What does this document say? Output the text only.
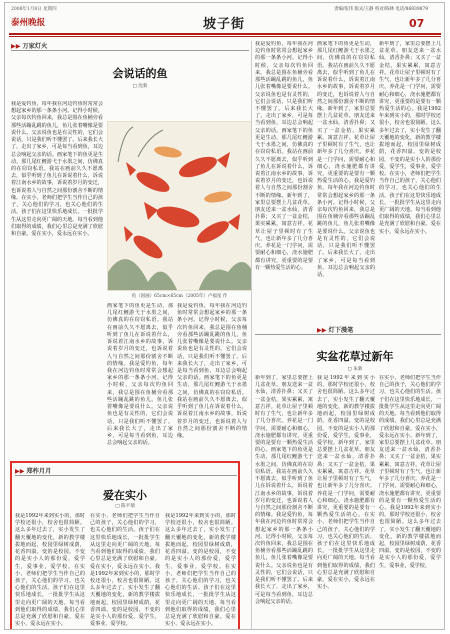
2008年1月8日 星期四
泰州晚报	坡子街
责编/张伟 版式/王静 校对/陈林 电话/86839879
07
▶▶ 万家灯火
会说话的鱼
□ 沈新
我是爱钓鱼，每年我在河边钓鱼时常常会想起家乡的那一条条小河。记得小时候，父亲每次钓鱼回来，我总是围在鱼桶旁看那些活蹦乱跳的鱼儿，鱼儿张着嘴像是要说什么。父亲说鱼也是有灵性的，它们会说话，只是我们听不懂罢了。后来我长大了，走出了家乡，可是每当看到鱼，耳边总会响起父亲的话。画家笔下的鱼更是生动，那几尾红鲤游弋于水墨之间，仿佛真的在窃窃私语。我站在画前久久不愿离去，似乎听到了鱼儿在诉说着什么，诉说着江南水乡的故事，诉说着岁月的变迁，也诉说着人与自然之间那份割舍不断的情缘。在实小，老师们把学生当作自己的孩子，关心他们的学习，也关心他们的生活。孩子们在这里快乐地成长，一批批学生从这里走向更广阔的天地。每当看到他们取得的成绩，我们心里总是充满了欣慰和自豪。爱在实小，爱永远在实小。
鱼（国画）65cm×65cm（2005年）卢福星 作
画家笔下的鱼更是生动，那几尾红鲤游弋于水墨之间，仿佛真的在窃窃私语。我站在画前久久不愿离去，似乎听到了鱼儿在诉说着什么，诉说着江南水乡的故事，诉说着岁月的变迁，也诉说着人与自然之间那份割舍不断的情缘。我是爱钓鱼，每年我在河边钓鱼时常常会想起家乡的那一条条小河。记得小时候，父亲每次钓鱼回来，我总是围在鱼桶旁看那些活蹦乱跳的鱼儿，鱼儿张着嘴像是要说什么。父亲说鱼也是有灵性的，它们会说话，只是我们听不懂罢了。后来我长大了，走出了家乡，可是每当看到鱼，耳边总会响起父亲的话。
我是爱钓鱼，每年我在河边钓鱼时常常会想起家乡的那一条条小河。记得小时候，父亲每次钓鱼回来，我总是围在鱼桶旁看那些活蹦乱跳的鱼儿，鱼儿张着嘴像是要说什么。父亲说鱼也是有灵性的，它们会说话，只是我们听不懂罢了。后来我长大了，走出了家乡，可是每当看到鱼，耳边总会响起父亲的话。画家笔下的鱼更是生动，那几尾红鲤游弋于水墨之间，仿佛真的在窃窃私语。我站在画前久久不愿离去，似乎听到了鱼儿在诉说着什么，诉说着江南水乡的故事，诉说着岁月的变迁，也诉说着人与自然之间那份割舍不断的情缘。
我是爱钓鱼，每年我在河边钓鱼时常常会想起家乡的那一条条小河。记得小时候，父亲每次钓鱼回来，我总是围在鱼桶旁看那些活蹦乱跳的鱼儿，鱼儿张着嘴像是要说什么。父亲说鱼也是有灵性的，它们会说话，只是我们听不懂罢了。后来我长大了，走出了家乡，可是每当看到鱼，耳边总会响起父亲的话。画家笔下的鱼更是生动，那几尾红鲤游弋于水墨之间，仿佛真的在窃窃私语。我站在画前久久不愿离去，似乎听到了鱼儿在诉说着什么，诉说着江南水乡的故事，诉说着岁月的变迁，也诉说着人与自然之间那份割舍不断的情缘。新年到了，家里总要摆上几盆花草。朋友送来一盆水仙，清香扑鼻；又买了一盆金桔，果实累累，寓意吉祥。花草让屋子里顿时有了生气，也让新年多了几分喜庆。养花是一门学问，需要耐心和细心，浇水施肥都有讲究，更重要的是要有一颗热爱生活的心。
画家笔下的鱼更是生动，那几尾红鲤游弋于水墨之间，仿佛真的在窃窃私语。我站在画前久久不愿离去，似乎听到了鱼儿在诉说着什么，诉说着江南水乡的故事，诉说着岁月的变迁，也诉说着人与自然之间那份割舍不断的情缘。新年到了，家里总要摆上几盆花草。朋友送来一盆水仙，清香扑鼻；又买了一盆金桔，果实累累，寓意吉祥。花草让屋子里顿时有了生气，也让新年多了几分喜庆。养花是一门学问，需要耐心和细心，浇水施肥都有讲究，更重要的是要有一颗热爱生活的心。我是爱钓鱼，每年我在河边钓鱼时常常会想起家乡的那一条条小河。记得小时候，父亲每次钓鱼回来，我总是围在鱼桶旁看那些活蹦乱跳的鱼儿，鱼儿张着嘴像是要说什么。父亲说鱼也是有灵性的，它们会说话，只是我们听不懂罢了。后来我长大了，走出了家乡，可是每当看到鱼，耳边总会响起父亲的话。
新年到了，家里总要摆上几盆花草。朋友送来一盆水仙，清香扑鼻；又买了一盆金桔，果实累累，寓意吉祥。花草让屋子里顿时有了生气，也让新年多了几分喜庆。养花是一门学问，需要耐心和细心，浇水施肥都有讲究，更重要的是要有一颗热爱生活的心。我是1992年来到实小的，那时学校还很小，校舍也很简陋。这么多年过去了，实小发生了翻天覆地的变化，新的教学楼拔地而起，校园里绿树成荫，花香四溢。变的是校园，不变的是实小人的那份爱，爱学生，爱事业，爱学校。在实小，老师们把学生当作自己的孩子，关心他们的学习，也关心他们的生活。孩子们在这里快乐地成长，一批批学生从这里走向更广阔的天地。每当看到他们取得的成绩，我们心里总是充满了欣慰和自豪。爱在实小，爱永远在实小。
▶▶ 灯下漫笔
实盆花草过新年
□ 朱新
新年到了，家里总要摆上几盆花草。朋友送来一盆水仙，清香扑鼻；又买了一盆金桔，果实累累，寓意吉祥。花草让屋子里顿时有了生气，也让新年多了几分喜庆。养花是一门学问，需要耐心和细心，浇水施肥都有讲究，更重要的是要有一颗热爱生活的心。画家笔下的鱼更是生动，那几尾红鲤游弋于水墨之间，仿佛真的在窃窃私语。我站在画前久久不愿离去，似乎听到了鱼儿在诉说着什么，诉说着江南水乡的故事，诉说着岁月的变迁，也诉说着人与自然之间那份割舍不断的情缘。我是爱钓鱼，每年我在河边钓鱼时常常会想起家乡的那一条条小河。记得小时候，父亲每次钓鱼回来，我总是围在鱼桶旁看那些活蹦乱跳的鱼儿，鱼儿张着嘴像是要说什么。父亲说鱼也是有灵性的，它们会说话，只是我们听不懂罢了。后来我长大了，走出了家乡，可是每当看到鱼，耳边总会响起父亲的话。
我是1992年来到实小的，那时学校还很小，校舍也很简陋。这么多年过去了，实小发生了翻天覆地的变化，新的教学楼拔地而起，校园里绿树成荫，花香四溢。变的是校园，不变的是实小人的那份爱，爱学生，爱事业，爱学校。新年到了，家里总要摆上几盆花草。朋友送来一盆水仙，清香扑鼻；又买了一盆金桔，果实累累，寓意吉祥。花草让屋子里顿时有了生气，也让新年多了几分喜庆。养花是一门学问，需要耐心和细心，浇水施肥都有讲究，更重要的是要有一颗热爱生活的心。在实小，老师们把学生当作自己的孩子，关心他们的学习，也关心他们的生活。孩子们在这里快乐地成长，一批批学生从这里走向更广阔的天地。每当看到他们取得的成绩，我们心里总是充满了欣慰和自豪。爱在实小，爱永远在实小。
在实小，老师们把学生当作自己的孩子，关心他们的学习，也关心他们的生活。孩子们在这里快乐地成长，一批批学生从这里走向更广阔的天地。每当看到他们取得的成绩，我们心里总是充满了欣慰和自豪。爱在实小，爱永远在实小。新年到了，家里总要摆上几盆花草。朋友送来一盆水仙，清香扑鼻；又买了一盆金桔，果实累累，寓意吉祥。花草让屋子里顿时有了生气，也让新年多了几分喜庆。养花是一门学问，需要耐心和细心，浇水施肥都有讲究，更重要的是要有一颗热爱生活的心。我是1992年来到实小的，那时学校还很小，校舍也很简陋。这么多年过去了，实小发生了翻天覆地的变化，新的教学楼拔地而起，校园里绿树成荫，花香四溢。变的是校园，不变的是实小人的那份爱，爱学生，爱事业，爱学校。
▶▶ 郑柞月月
爱在实小
□ 陈平瑞
我是1992年来到实小的，那时学校还很小，校舍也很简陋。这么多年过去了，实小发生了翻天覆地的变化，新的教学楼拔地而起，校园里绿树成荫，花香四溢。变的是校园，不变的是实小人的那份爱，爱学生，爱事业，爱学校。在实小，老师们把学生当作自己的孩子，关心他们的学习，也关心他们的生活。孩子们在这里快乐地成长，一批批学生从这里走向更广阔的天地。每当看到他们取得的成绩，我们心里总是充满了欣慰和自豪。爱在实小，爱永远在实小。
在实小，老师们把学生当作自己的孩子，关心他们的学习，也关心他们的生活。孩子们在这里快乐地成长，一批批学生从这里走向更广阔的天地。每当看到他们取得的成绩，我们心里总是充满了欣慰和自豪。爱在实小，爱永远在实小。我是1992年来到实小的，那时学校还很小，校舍也很简陋。这么多年过去了，实小发生了翻天覆地的变化，新的教学楼拔地而起，校园里绿树成荫，花香四溢。变的是校园，不变的是实小人的那份爱，爱学生，爱事业，爱学校。
我是1992年来到实小的，那时学校还很小，校舍也很简陋。这么多年过去了，实小发生了翻天覆地的变化，新的教学楼拔地而起，校园里绿树成荫，花香四溢。变的是校园，不变的是实小人的那份爱，爱学生，爱事业，爱学校。在实小，老师们把学生当作自己的孩子，关心他们的学习，也关心他们的生活。孩子们在这里快乐地成长，一批批学生从这里走向更广阔的天地。每当看到他们取得的成绩，我们心里总是充满了欣慰和自豪。爱在实小，爱永远在实小。
